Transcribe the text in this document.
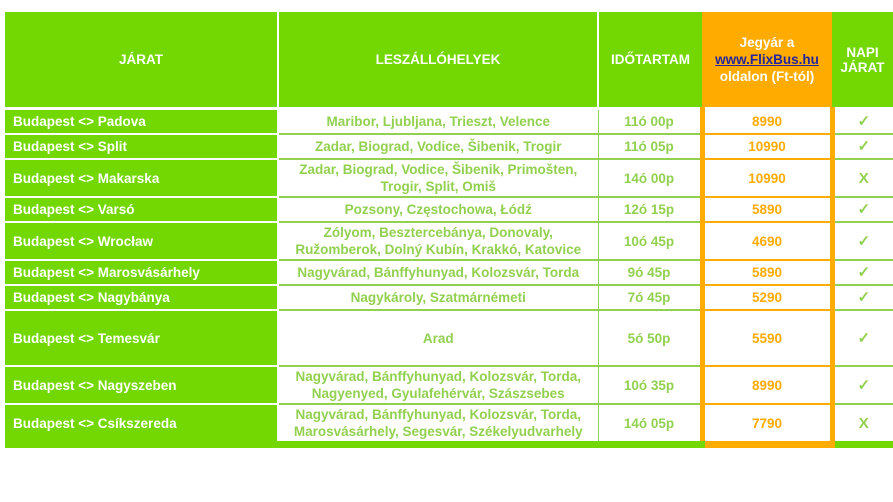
JÁRAT	LESZÁLLÓHELYEK	IDŐTARTAM	Jegyár a
www.FlixBus.hu
oldalon (Ft-tól)	NAPI JÁRAT
Budapest <> Padova	Maribor, Ljubljana, Trieszt, Velence	11ó 00p	8990	✓
Budapest <> Split	Zadar, Biograd, Vodice, Šibenik, Trogir	11ó 05p	10990	✓
Budapest <> Makarska	Zadar, Biograd, Vodice, Šibenik, Primošten, Trogir, Split, Omiš	14ó 00p	10990	X
Budapest <> Varsó	Pozsony, Częstochowa, Łódź	12ó 15p	5890	✓
Budapest <> Wrocław	Zólyom, Besztercebánya, Donovaly, Ružomberok, Dolný Kubín, Krakkó, Katovice	10ó 45p	4690	✓
Budapest <> Marosvásárhely	Nagyvárad, Bánffyhunyad, Kolozsvár, Torda	9ó 45p	5890	✓
Budapest <> Nagybánya	Nagykároly, Szatmárnémeti	7ó 45p	5290	✓
Budapest <> Temesvár	Arad	5ó 50p	5590	✓
Budapest <> Nagyszeben	Nagyvárad, Bánffyhunyad, Kolozsvár, Torda, Nagyenyed, Gyulafehérvár, Szászsebes	10ó 35p	8990	✓
Budapest <> Csíkszereda	Nagyvárad, Bánffyhunyad, Kolozsvár, Torda, Marosvásárhely, Segesvár, Székelyudvarhely	14ó 05p	7790	X
